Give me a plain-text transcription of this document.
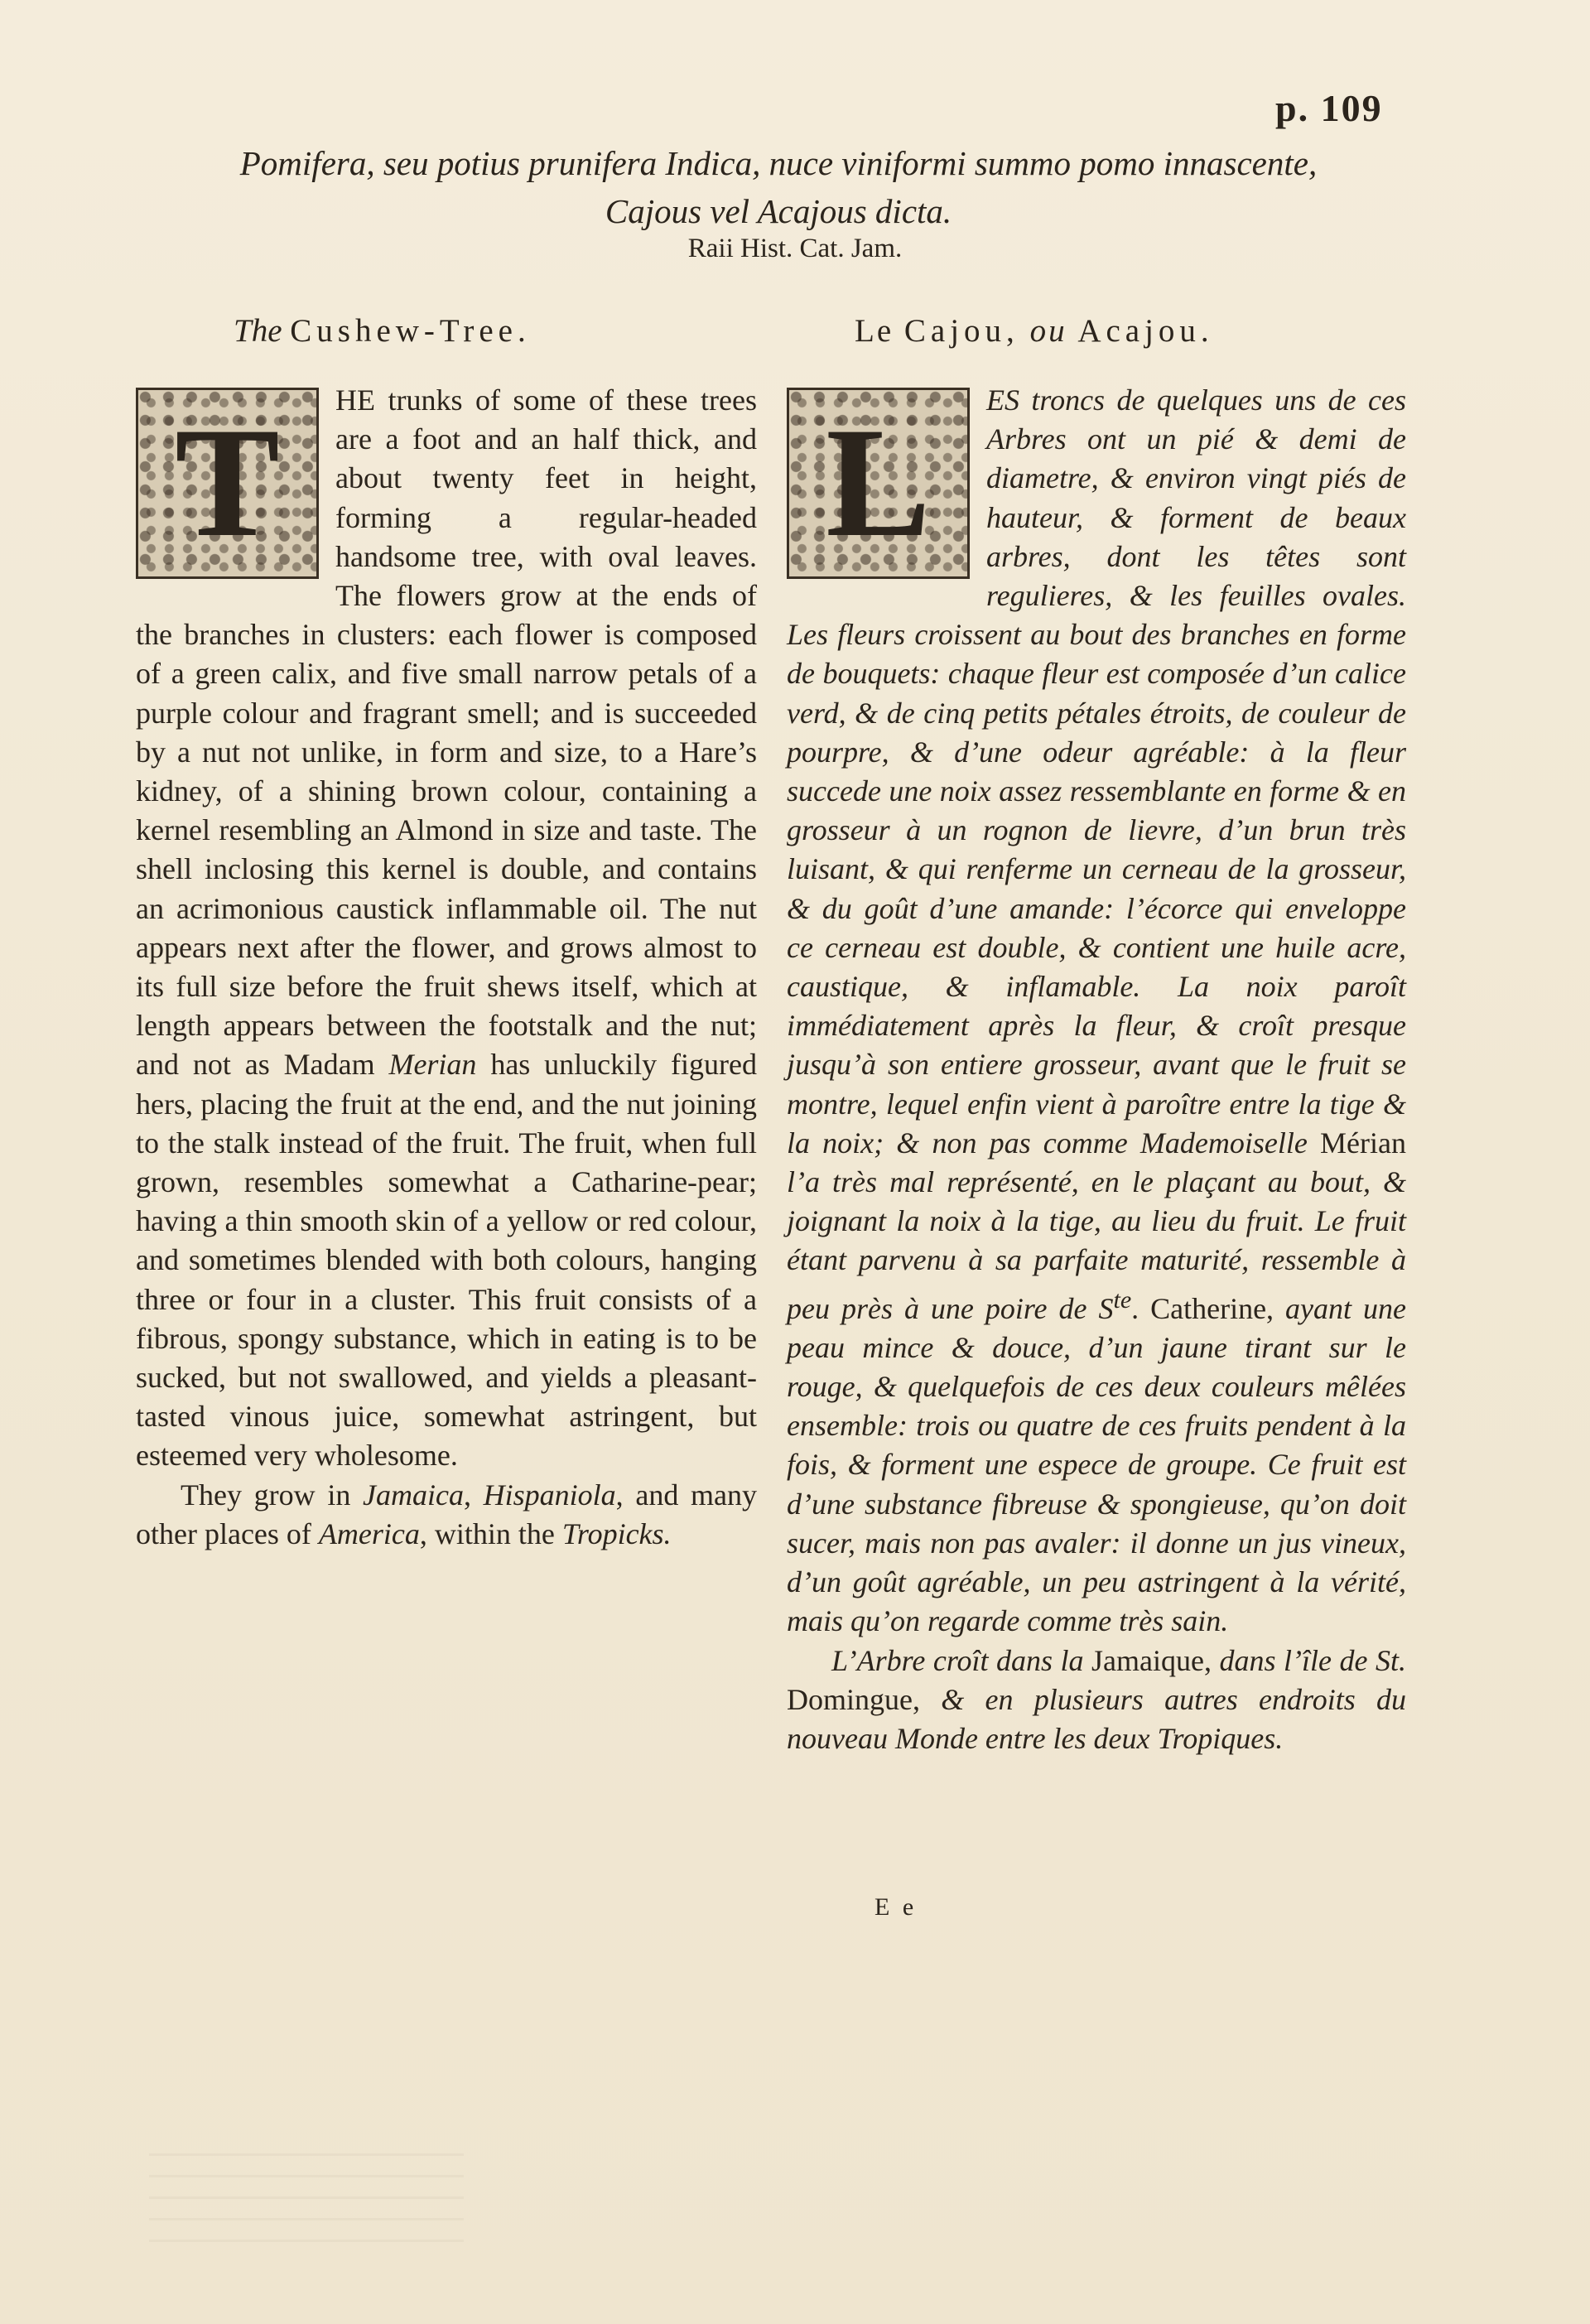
p. 109
Pomifera, seu potius prunifera Indica, nuce viniformi summo pomo innascente,
Cajous vel Acajous dicta.
Raii Hist. Cat. Jam.
The Cushew-Tree.
T	HE trunks of some of these trees are a foot and an half thick, and about twenty feet in height, forming a regular-headed handsome tree, with oval leaves. The flowers grow at the ends of the branches in clusters: each flower is composed of a green calix, and five small narrow petals of a purple colour and fragrant smell; and is succeeded by a nut not unlike, in form and size, to a Hare’s kidney, of a shining brown colour, containing a kernel resembling an Almond in size and taste. The shell inclosing this kernel is double, and contains an acrimonious caustick inflammable oil. The nut appears next after the flower, and grows almost to its full size before the fruit shews itself, which at length appears between the footstalk and the nut; and not as Madam Merian has unluckily figured hers, placing the fruit at the end, and the nut joining to the stalk instead of the fruit. The fruit, when full grown, resembles somewhat a Catharine-pear; having a thin smooth skin of a yellow or red colour, and sometimes blended with both colours, hanging three or four in a cluster. This fruit consists of a fibrous, spongy substance, which in eating is to be sucked, but not swallowed, and yields a pleasant-tasted vinous juice, somewhat astringent, but esteemed very wholesome.
They grow in Jamaica, Hispaniola, and many other places of America, within the Tropicks.
Le Cajou, ou Acajou.
L	ES troncs de quelques uns de ces Arbres ont un pié & demi de diametre, & environ vingt piés de hauteur, & forment de beaux arbres, dont les têtes sont regulieres, & les feuilles ovales. Les fleurs croissent au bout des branches en forme de bouquets: chaque fleur est composée d’un calice verd, & de cinq petits pétales étroits, de couleur de pourpre, & d’une odeur agréable: à la fleur succede une noix assez ressemblante en forme & en grosseur à un rognon de lievre, d’un brun très luisant, & qui renferme un cerneau de la grosseur, & du goût d’une amande: l’écorce qui enveloppe ce cerneau est double, & contient une huile acre, caustique, & inflamable. La noix paroît immédiatement après la fleur, & croît presque jusqu’à son entiere grosseur, avant que le fruit se montre, lequel enfin vient à paroître entre la tige & la noix; & non pas comme Mademoiselle Mérian l’a très mal représenté, en le plaçant au bout, & joignant la noix à la tige, au lieu du fruit. Le fruit étant parvenu à sa parfaite maturité, ressemble à peu près à une poire de $S^{te}$. Catherine, ayant une peau mince & douce, d’un jaune tirant sur le rouge, & quelquefois de ces deux couleurs mêlées ensemble: trois ou quatre de ces fruits pendent à la fois, & forment une espece de groupe. Ce fruit est d’une substance fibreuse & spongieuse, qu’on doit sucer, mais non pas avaler: il donne un jus vineux, d’un goût agréable, un peu astringent à la vérité, mais qu’on regarde comme très sain.
L’Arbre croît dans la Jamaique, dans l’île de St. Domingue, & en plusieurs autres endroits du nouveau Monde entre les deux Tropiques.
E e
